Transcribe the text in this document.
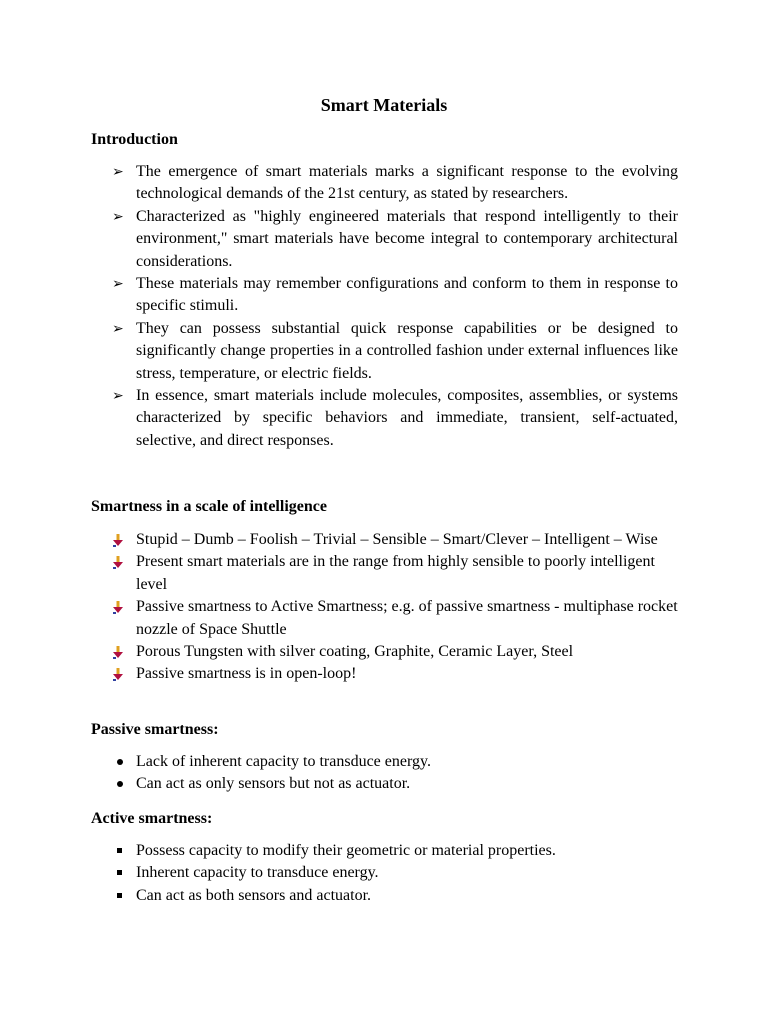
Smart Materials
Introduction
➢ The emergence of smart materials marks a significant response to the evolving technological demands of the 21st century, as stated by researchers.
➢ Characterized as "highly engineered materials that respond intelligently to their environment," smart materials have become integral to contemporary architectural considerations.
➢ These materials may remember configurations and conform to them in response to specific stimuli.
➢ They can possess substantial quick response capabilities or be designed to significantly change properties in a controlled fashion under external influences like stress, temperature, or electric fields.
➢ In essence, smart materials include molecules, composites, assemblies, or systems characterized by specific behaviors and immediate, transient, self-actuated, selective, and direct responses.
Smartness in a scale of intelligence
Stupid – Dumb – Foolish – Trivial – Sensible – Smart/Clever – Intelligent – Wise
Present smart materials are in the range from highly sensible to poorly intelligent level
Passive smartness to Active Smartness; e.g. of passive smartness - multiphase rocket nozzle of Space Shuttle
Porous Tungsten with silver coating, Graphite, Ceramic Layer, Steel
Passive smartness is in open-loop!
Passive smartness:
Lack of inherent capacity to transduce energy.
Can act as only sensors but not as actuator.
Active smartness:
Possess capacity to modify their geometric or material properties.
Inherent capacity to transduce energy.
Can act as both sensors and actuator.
